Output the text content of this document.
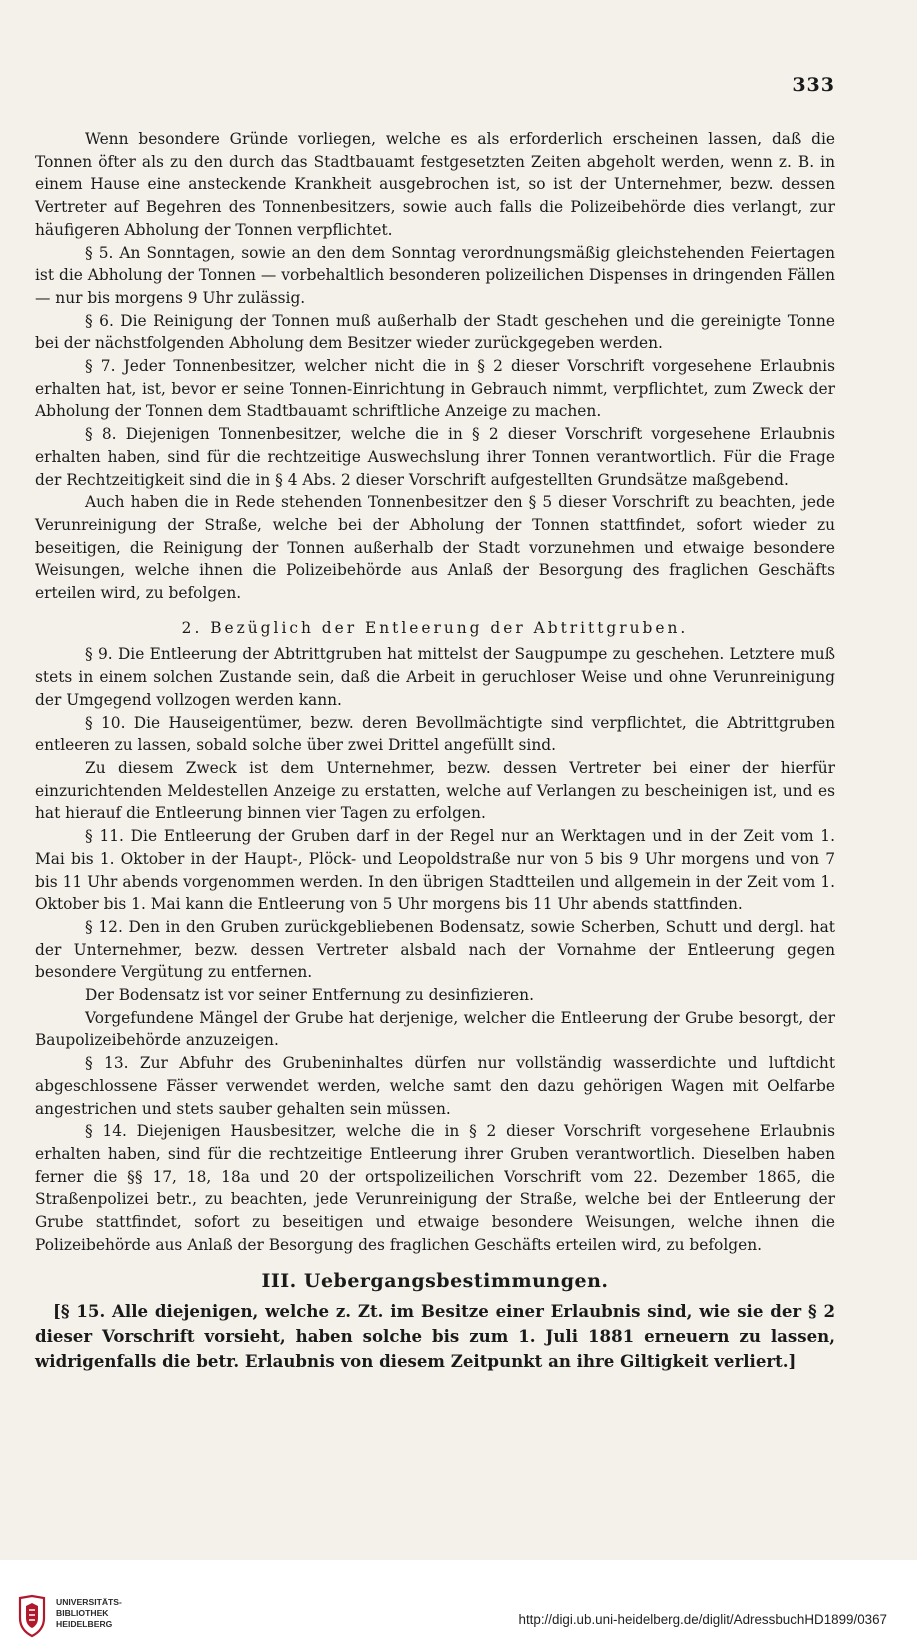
333

Wenn besondere Gründe vorliegen, welche es als erforderlich erscheinen lassen, daß die Tonnen öfter als zu den durch das Stadtbauamt festgesetzten Zeiten abgeholt werden, wenn z. B. in einem Hause eine ansteckende Krankheit ausgebrochen ist, so ist der Unternehmer, bezw. dessen Vertreter auf Begehren des Tonnenbesitzers, sowie auch falls die Polizeibehörde dies verlangt, zur häufigeren Abholung der Tonnen verpflichtet.

§ 5. An Sonntagen, sowie an den dem Sonntag verordnungsmäßig gleichstehenden Feiertagen ist die Abholung der Tonnen — vorbehaltlich besonderen polizeilichen Dispenses in dringenden Fällen — nur bis morgens 9 Uhr zulässig.

§ 6. Die Reinigung der Tonnen muß außerhalb der Stadt geschehen und die gereinigte Tonne bei der nächstfolgenden Abholung dem Besitzer wieder zurückgegeben werden.

§ 7. Jeder Tonnenbesitzer, welcher nicht die in § 2 dieser Vorschrift vorgesehene Erlaubnis erhalten hat, ist, bevor er seine Tonnen-Einrichtung in Gebrauch nimmt, verpflichtet, zum Zweck der Abholung der Tonnen dem Stadtbauamt schriftliche Anzeige zu machen.

§ 8. Diejenigen Tonnenbesitzer, welche die in § 2 dieser Vorschrift vorgesehene Erlaubnis erhalten haben, sind für die rechtzeitige Auswechslung ihrer Tonnen verantwortlich. Für die Frage der Rechtzeitigkeit sind die in § 4 Abs. 2 dieser Vorschrift aufgestellten Grundsätze maßgebend.

Auch haben die in Rede stehenden Tonnenbesitzer den § 5 dieser Vorschrift zu beachten, jede Verunreinigung der Straße, welche bei der Abholung der Tonnen stattfindet, sofort wieder zu beseitigen, die Reinigung der Tonnen außerhalb der Stadt vorzunehmen und etwaige besondere Weisungen, welche ihnen die Polizeibehörde aus Anlaß der Besorgung des fraglichen Geschäfts erteilen wird, zu befolgen.

2. Bezüglich der Entleerung der Abtrittgruben.

§ 9. Die Entleerung der Abtrittgruben hat mittelst der Saugpumpe zu geschehen. Letztere muß stets in einem solchen Zustande sein, daß die Arbeit in geruchloser Weise und ohne Verunreinigung der Umgegend vollzogen werden kann.

§ 10. Die Hauseigentümer, bezw. deren Bevollmächtigte sind verpflichtet, die Abtrittgruben entleeren zu lassen, sobald solche über zwei Drittel angefüllt sind.

Zu diesem Zweck ist dem Unternehmer, bezw. dessen Vertreter bei einer der hierfür einzurichtenden Meldestellen Anzeige zu erstatten, welche auf Verlangen zu bescheinigen ist, und es hat hierauf die Entleerung binnen vier Tagen zu erfolgen.

§ 11. Die Entleerung der Gruben darf in der Regel nur an Werktagen und in der Zeit vom 1. Mai bis 1. Oktober in der Haupt-, Plöck- und Leopoldstraße nur von 5 bis 9 Uhr morgens und von 7 bis 11 Uhr abends vorgenommen werden. In den übrigen Stadtteilen und allgemein in der Zeit vom 1. Oktober bis 1. Mai kann die Entleerung von 5 Uhr morgens bis 11 Uhr abends stattfinden.

§ 12. Den in den Gruben zurückgebliebenen Bodensatz, sowie Scherben, Schutt und dergl. hat der Unternehmer, bezw. dessen Vertreter alsbald nach der Vornahme der Entleerung gegen besondere Vergütung zu entfernen.

Der Bodensatz ist vor seiner Entfernung zu desinfizieren.

Vorgefundene Mängel der Grube hat derjenige, welcher die Entleerung der Grube besorgt, der Baupolizeibehörde anzuzeigen.

§ 13. Zur Abfuhr des Grubeninhaltes dürfen nur vollständig wasserdichte und luftdicht abgeschlossene Fässer verwendet werden, welche samt den dazu gehörigen Wagen mit Oelfarbe angestrichen und stets sauber gehalten sein müssen.

§ 14. Diejenigen Hausbesitzer, welche die in § 2 dieser Vorschrift vorgesehene Erlaubnis erhalten haben, sind für die rechtzeitige Entleerung ihrer Gruben verantwortlich. Dieselben haben ferner die §§ 17, 18, 18a und 20 der ortspolizeilichen Vorschrift vom 22. Dezember 1865, die Straßenpolizei betr., zu beachten, jede Verunreinigung der Straße, welche bei der Entleerung der Grube stattfindet, sofort zu beseitigen und etwaige besondere Weisungen, welche ihnen die Polizeibehörde aus Anlaß der Besorgung des fraglichen Geschäfts erteilen wird, zu befolgen.

III. Uebergangsbestimmungen.

[§ 15. Alle diejenigen, welche z. Zt. im Besitze einer Erlaubnis sind, wie sie der § 2 dieser Vorschrift vorsieht, haben solche bis zum 1. Juli 1881 erneuern zu lassen, widrigenfalls die betr. Erlaubnis von diesem Zeitpunkt an ihre Giltigkeit verliert.]

UNIVERSITÄTS-
BIBLIOTHEK
HEIDELBERG	http://digi.ub.uni-heidelberg.de/diglit/AdressbuchHD1899/0367
